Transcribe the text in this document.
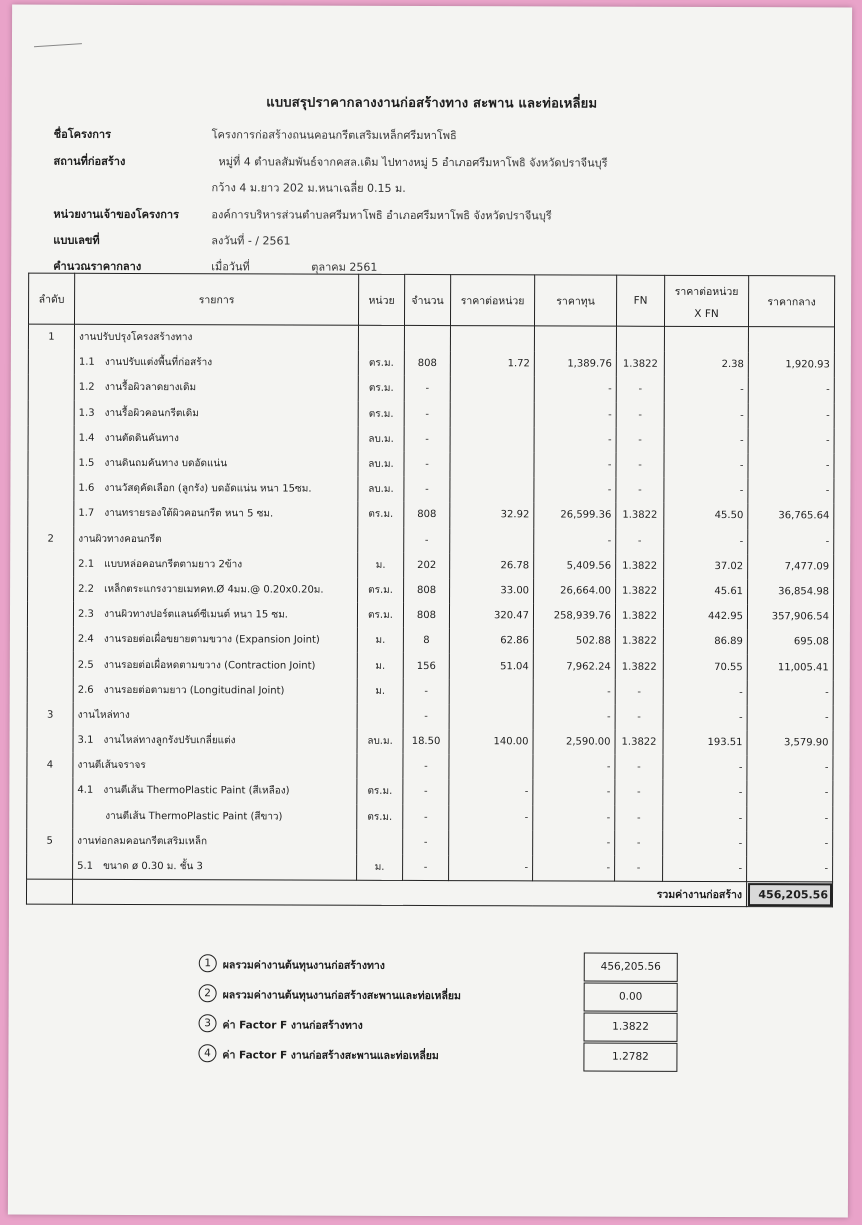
แบบสรุปราคากลางงานก่อสร้างทาง สะพาน และท่อเหลี่ยม
ชื่อโครงการ	โครงการก่อสร้างถนนคอนกรีตเสริมเหล็กศรีมหาโพธิ
สถานที่ก่อสร้าง	หมู่ที่ 4 ตำบลสัมพันธ์จากคสล.เดิม ไปทางหมู่ 5 อำเภอศรีมหาโพธิ จังหวัดปราจีนบุรี
กว้าง 4 ม.ยาว 202 ม.หนาเฉลี่ย 0.15 ม.
หน่วยงานเจ้าของโครงการ	องค์การบริหารส่วนตำบลศรีมหาโพธิ อำเภอศรีมหาโพธิ จังหวัดปราจีนบุรี
แบบเลขที่	ลงวันที่ - / 2561
คำนวณราคากลาง	เมื่อวันที่	ตุลาคม 2561
ลำดับ	รายการ	หน่วย	จำนวน	ราคาต่อหน่วย	ราคาทุน	FN	ราคาต่อหน่วย
X FN	ราคากลาง
1	งานปรับปรุงโครงสร้างทาง							
	1.1 งานปรับแต่งพื้นที่ก่อสร้าง	ตร.ม.	808	1.72	1,389.76	1.3822	2.38	1,920.93
	1.2 งานรื้อผิวลาดยางเดิม	ตร.ม.	-		-	-	-	-
	1.3 งานรื้อผิวคอนกรีตเดิม	ตร.ม.	-		-	-	-	-
	1.4 งานตัดดินคันทาง	ลบ.ม.	-		-	-	-	-
	1.5 งานดินถมคันทาง บดอัดแน่น	ลบ.ม.	-		-	-	-	-
	1.6 งานวัสดุคัดเลือก (ลูกรัง) บดอัดแน่น หนา 15ซม.	ลบ.ม.	-		-	-	-	-
	1.7 งานทรายรองใต้ผิวคอนกรีต หนา 5 ซม.	ตร.ม.	808	32.92	26,599.36	1.3822	45.50	36,765.64
2	งานผิวทางคอนกรีต		-		-	-	-	-
	2.1 แบบหล่อคอนกรีตตามยาว 2ข้าง	ม.	202	26.78	5,409.56	1.3822	37.02	7,477.09
	2.2 เหล็กตระแกรงวายเมทคท.Ø 4มม.@ 0.20x0.20ม.	ตร.ม.	808	33.00	26,664.00	1.3822	45.61	36,854.98
	2.3 งานผิวทางปอร์ตแลนด์ซีเมนต์ หนา 15 ซม.	ตร.ม.	808	320.47	258,939.76	1.3822	442.95	357,906.54
	2.4 งานรอยต่อเผื่อขยายตามขวาง (Expansion Joint)	ม.	8	62.86	502.88	1.3822	86.89	695.08
	2.5 งานรอยต่อเผื่อหดตามขวาง (Contraction Joint)	ม.	156	51.04	7,962.24	1.3822	70.55	11,005.41
	2.6 งานรอยต่อตามยาว (Longitudinal Joint)	ม.	-		-	-	-	-
3	งานไหล่ทาง		-		-	-	-	-
	3.1 งานไหล่ทางลูกรังปรับเกลี่ยแต่ง	ลบ.ม.	18.50	140.00	2,590.00	1.3822	193.51	3,579.90
4	งานตีเส้นจราจร		-		-	-	-	-
	4.1 งานตีเส้น ThermoPlastic Paint (สีเหลือง)	ตร.ม.	-	-	-	-	-	-
	งานตีเส้น ThermoPlastic Paint (สีขาว)	ตร.ม.	-	-	-	-	-	-
5	งานท่อกลมคอนกรีตเสริมเหล็ก		-		-	-	-	-
	5.1 ขนาด ø 0.30 ม. ชั้น 3	ม.	-	-	-	-	-	-
	รวมค่างานก่อสร้าง							456,205.56
1	ผลรวมค่างานต้นทุนงานก่อสร้างทาง	456,205.56
2	ผลรวมค่างานต้นทุนงานก่อสร้างสะพานและท่อเหลี่ยม	0.00
3	ค่า Factor F งานก่อสร้างทาง	1.3822
4	ค่า Factor F งานก่อสร้างสะพานและท่อเหลี่ยม	1.2782
